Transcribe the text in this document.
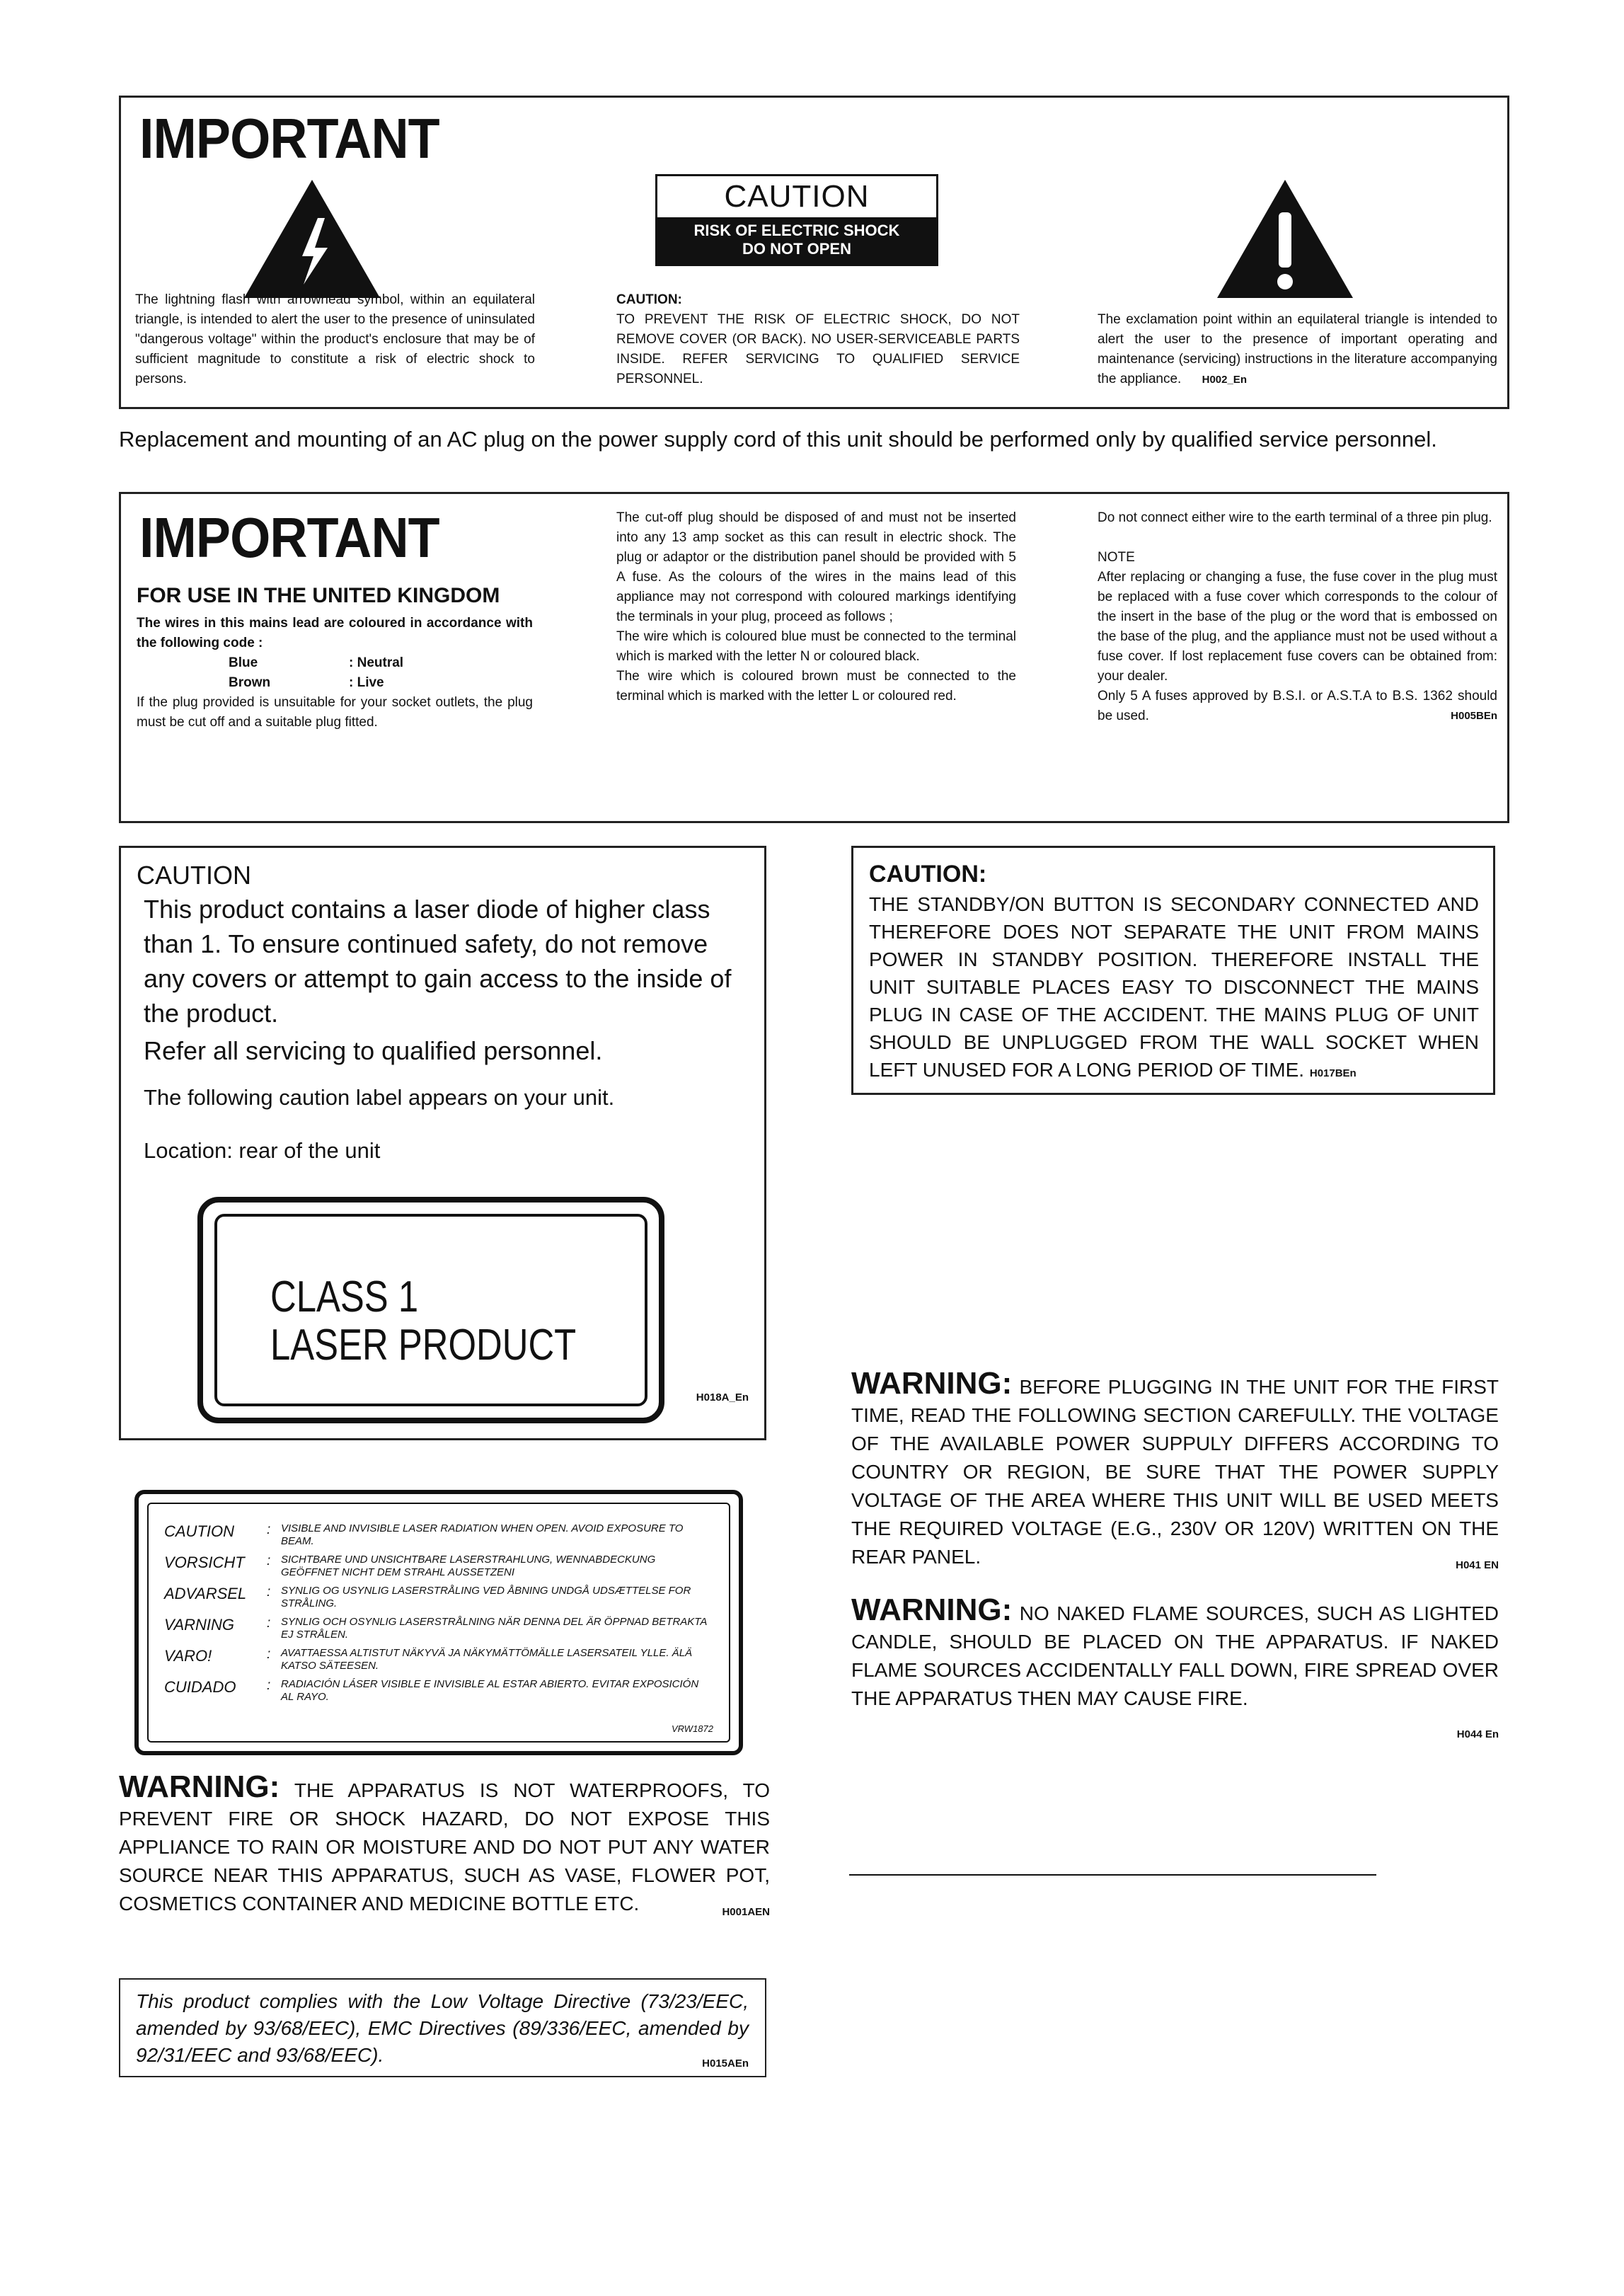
IMPORTANT
CAUTION
RISK OF ELECTRIC SHOCK
DO NOT OPEN
The lightning flash with arrowhead symbol, within an equilateral triangle, is intended to alert the user to the presence of uninsulated "dangerous voltage" within the product's enclosure that may be of sufficient magnitude to constitute a risk of electric shock to persons.
CAUTION:
TO PREVENT THE RISK OF ELECTRIC SHOCK, DO NOT REMOVE COVER (OR BACK). NO USER-SERVICEABLE PARTS INSIDE. REFER SERVICING TO QUALIFIED SERVICE PERSONNEL.
The exclamation point within an equilateral triangle is intended to alert the user to the presence of important operating and maintenance (servicing) instructions in the literature accompanying the appliance. H002_En
Replacement and mounting of an AC plug on the power supply cord of this unit should be performed only by qualified service personnel.
IMPORTANT
FOR USE IN THE UNITED KINGDOM
The wires in this mains lead are coloured in accordance with the following code :
Blue	: Neutral
Brown	: Live
If the plug provided is unsuitable for your socket outlets, the plug must be cut off and a suitable plug fitted.
The cut-off plug should be disposed of and must not be inserted into any 13 amp socket as this can result in electric shock. The plug or adaptor or the distribution panel should be provided with 5 A fuse. As the colours of the wires in the mains lead of this appliance may not correspond with coloured markings identifying the terminals in your plug, proceed as follows ;
The wire which is coloured blue must be connected to the terminal which is marked with the letter N or coloured black.
The wire which is coloured brown must be connected to the terminal which is marked with the letter L or coloured red.
Do not connect either wire to the earth terminal of a three pin plug.
NOTE
After replacing or changing a fuse, the fuse cover in the plug must be replaced with a fuse cover which corresponds to the colour of the insert in the base of the plug or the word that is embossed on the base of the plug, and the appliance must not be used without a fuse cover. If lost replacement fuse covers can be obtained from: your dealer.
Only 5 A fuses approved by B.S.I. or A.S.T.A to B.S. 1362 should be used.	H005BEn
CAUTION
This product contains a laser diode of higher class than 1. To ensure continued safety, do not remove any covers or attempt to gain access to the inside of the product.
Refer all servicing to qualified personnel.
The following caution label appears on your unit.
Location: rear of the unit
CLASS 1
LASER PRODUCT
H018A_En
CAUTION:
THE STANDBY/ON BUTTON IS SECONDARY CONNECTED AND THEREFORE DOES NOT SEPARATE THE UNIT FROM MAINS POWER IN STANDBY POSITION. THEREFORE INSTALL THE UNIT SUITABLE PLACES EASY TO DISCONNECT THE MAINS PLUG IN CASE OF THE ACCIDENT. THE MAINS PLUG OF UNIT SHOULD BE UNPLUGGED FROM THE WALL SOCKET WHEN LEFT UNUSED FOR A LONG PERIOD OF TIME. H017BEn
CAUTION	: VISIBLE AND INVISIBLE LASER RADIATION WHEN OPEN. AVOID EXPOSURE TO BEAM.
VORSICHT	: SICHTBARE UND UNSICHTBARE LASERSTRAHLUNG, WENNABDECKUNG GEÖFFNET NICHT DEM STRAHL AUSSETZENI
ADVARSEL	: SYNLIG OG USYNLIG LASERSTRÅLING VED ÅBNING UNDGÅ UDSÆTTELSE FOR STRÅLING.
VARNING	: SYNLIG OCH OSYNLIG LASERSTRÅLNING NÄR DENNA DEL ÄR ÖPPNAD BETRAKTA EJ STRÅLEN.
VARO!	: AVATTAESSA ALTISTUT NÄKYVÄ JA NÄKYMÄTTÖMÄLLE LASERSATEIL YLLE. ÄLÄ KATSO SÄTEESEN.
CUIDADO	: RADIACIÓN LÁSER VISIBLE E INVISIBLE AL ESTAR ABIERTO. EVITAR EXPOSICIÓN AL RAYO.
VRW1872
WARNING: THE APPARATUS IS NOT WATERPROOFS, TO PREVENT FIRE OR SHOCK HAZARD, DO NOT EXPOSE THIS APPLIANCE TO RAIN OR MOISTURE AND DO NOT PUT ANY WATER SOURCE NEAR THIS APPARATUS, SUCH AS VASE, FLOWER POT, COSMETICS CONTAINER AND MEDICINE BOTTLE ETC.	H001AEN
This product complies with the Low Voltage Directive (73/23/EEC, amended by 93/68/EEC), EMC Directives (89/336/EEC, amended by 92/31/EEC and 93/68/EEC).	H015AEn
WARNING: BEFORE PLUGGING IN THE UNIT FOR THE FIRST TIME, READ THE FOLLOWING SECTION CAREFULLY. THE VOLTAGE OF THE AVAILABLE POWER SUPPULY DIFFERS ACCORDING TO COUNTRY OR REGION, BE SURE THAT THE POWER SUPPLY VOLTAGE OF THE AREA WHERE THIS UNIT WILL BE USED MEETS THE REQUIRED VOLTAGE (E.G., 230V OR 120V) WRITTEN ON THE REAR PANEL.	H041 EN
WARNING: NO NAKED FLAME SOURCES, SUCH AS LIGHTED CANDLE, SHOULD BE PLACED ON THE APPARATUS. IF NAKED FLAME SOURCES ACCIDENTALLY FALL DOWN, FIRE SPREAD OVER THE APPARATUS THEN MAY CAUSE FIRE.
H044 En
